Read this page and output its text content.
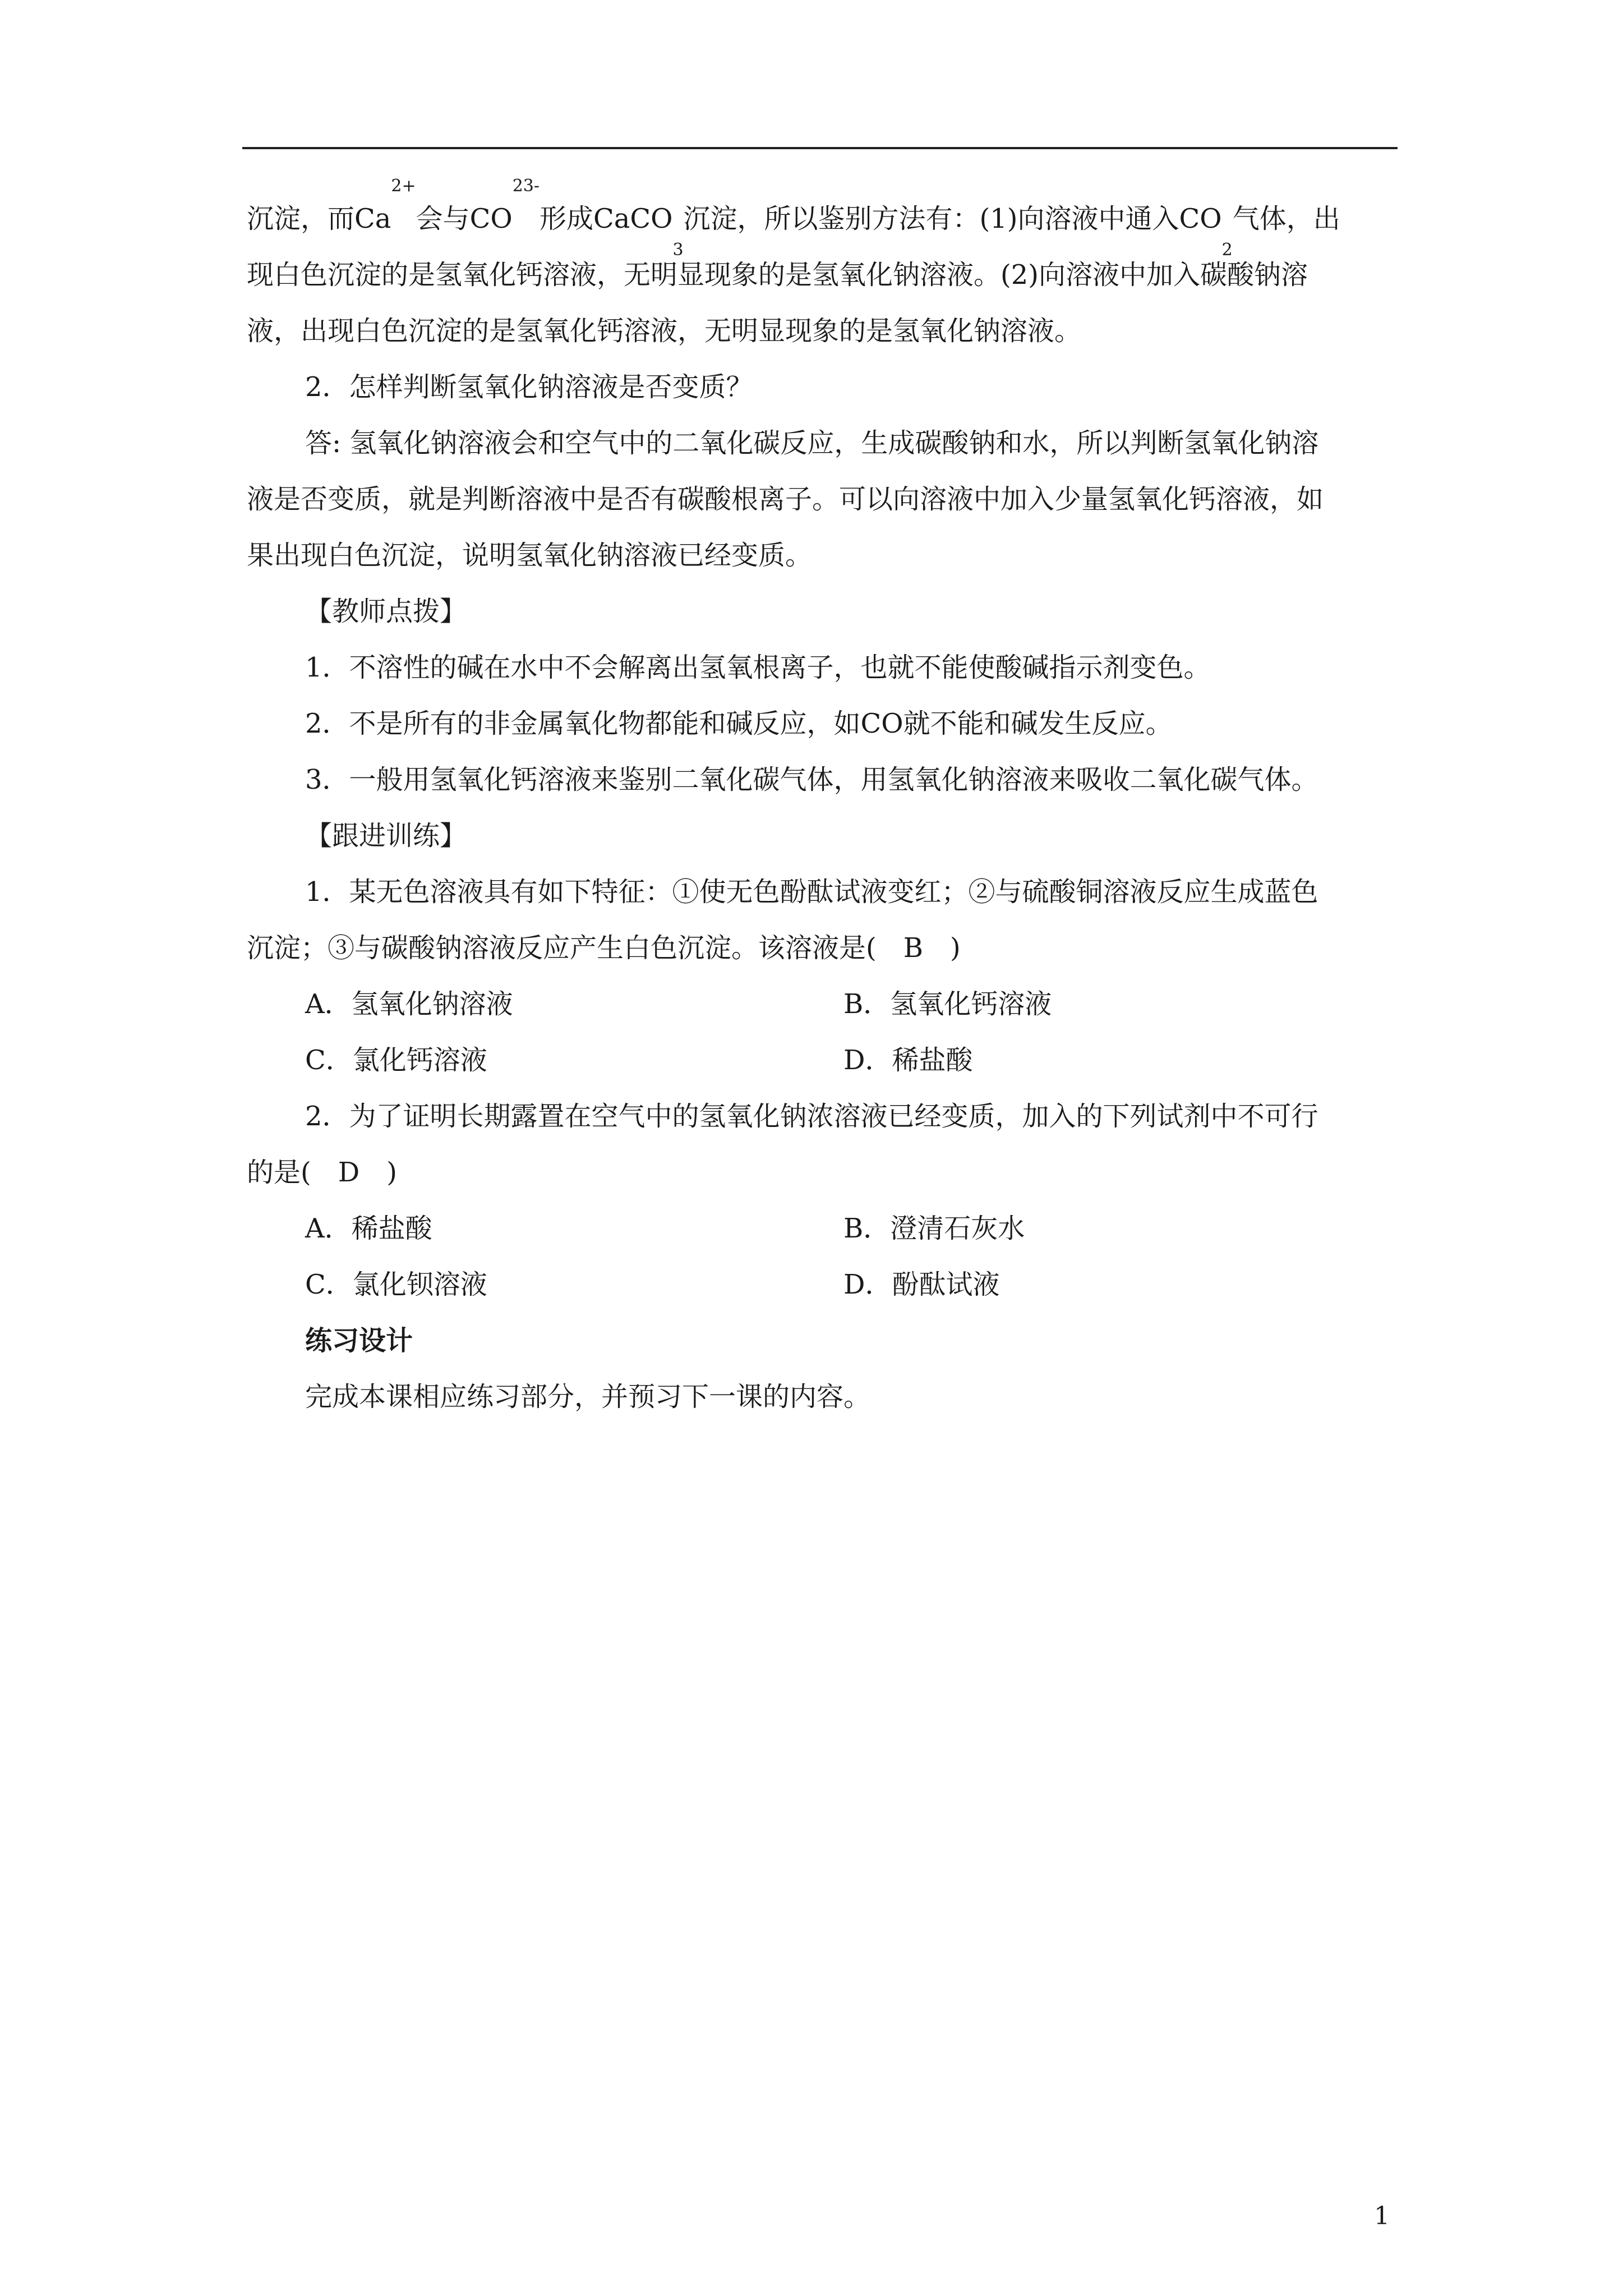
沉淀，而$Ca^{2+}$会与$CO^{23-}$形成CaCO$_3$沉淀，所以鉴别方法有：(1)向溶液中通入$CO_2$气体，出

现白色沉淀的是氢氧化钙溶液，无明显现象的是氢氧化钠溶液。(2)向溶液中加入碳酸钠溶

液，出现白色沉淀的是氢氧化钙溶液，无明显现象的是氢氧化钠溶液。

2．怎样判断氢氧化钠溶液是否变质？

答: 氢氧化钠溶液会和空气中的二氧化碳反应，生成碳酸钠和水，所以判断氢氧化钠溶

液是否变质，就是判断溶液中是否有碳酸根离子。可以向溶液中加入少量氢氧化钙溶液，如

果出现白色沉淀，说明氢氧化钠溶液已经变质。

【教师点拨】

1．不溶性的碱在水中不会解离出氢氧根离子，也就不能使酸碱指示剂变色。

2．不是所有的非金属氧化物都能和碱反应，如CO就不能和碱发生反应。

3．一般用氢氧化钙溶液来鉴别二氧化碳气体，用氢氧化钠溶液来吸收二氧化碳气体。

【跟进训练】

1．某无色溶液具有如下特征：①使无色酚酞试液变红；②与硫酸铜溶液反应生成蓝色

沉淀；③与碳酸钠溶液反应产生白色沉淀。该溶液是(　B　)

A．氢氧化钠溶液	B．氢氧化钙溶液
C．氯化钙溶液	D．稀盐酸

2．为了证明长期露置在空气中的氢氧化钠浓溶液已经变质，加入的下列试剂中不可行

的是(　D　)

A．稀盐酸	B．澄清石灰水
C．氯化钡溶液	D．酚酞试液

练习设计

完成本课相应练习部分，并预习下一课的内容。

1
